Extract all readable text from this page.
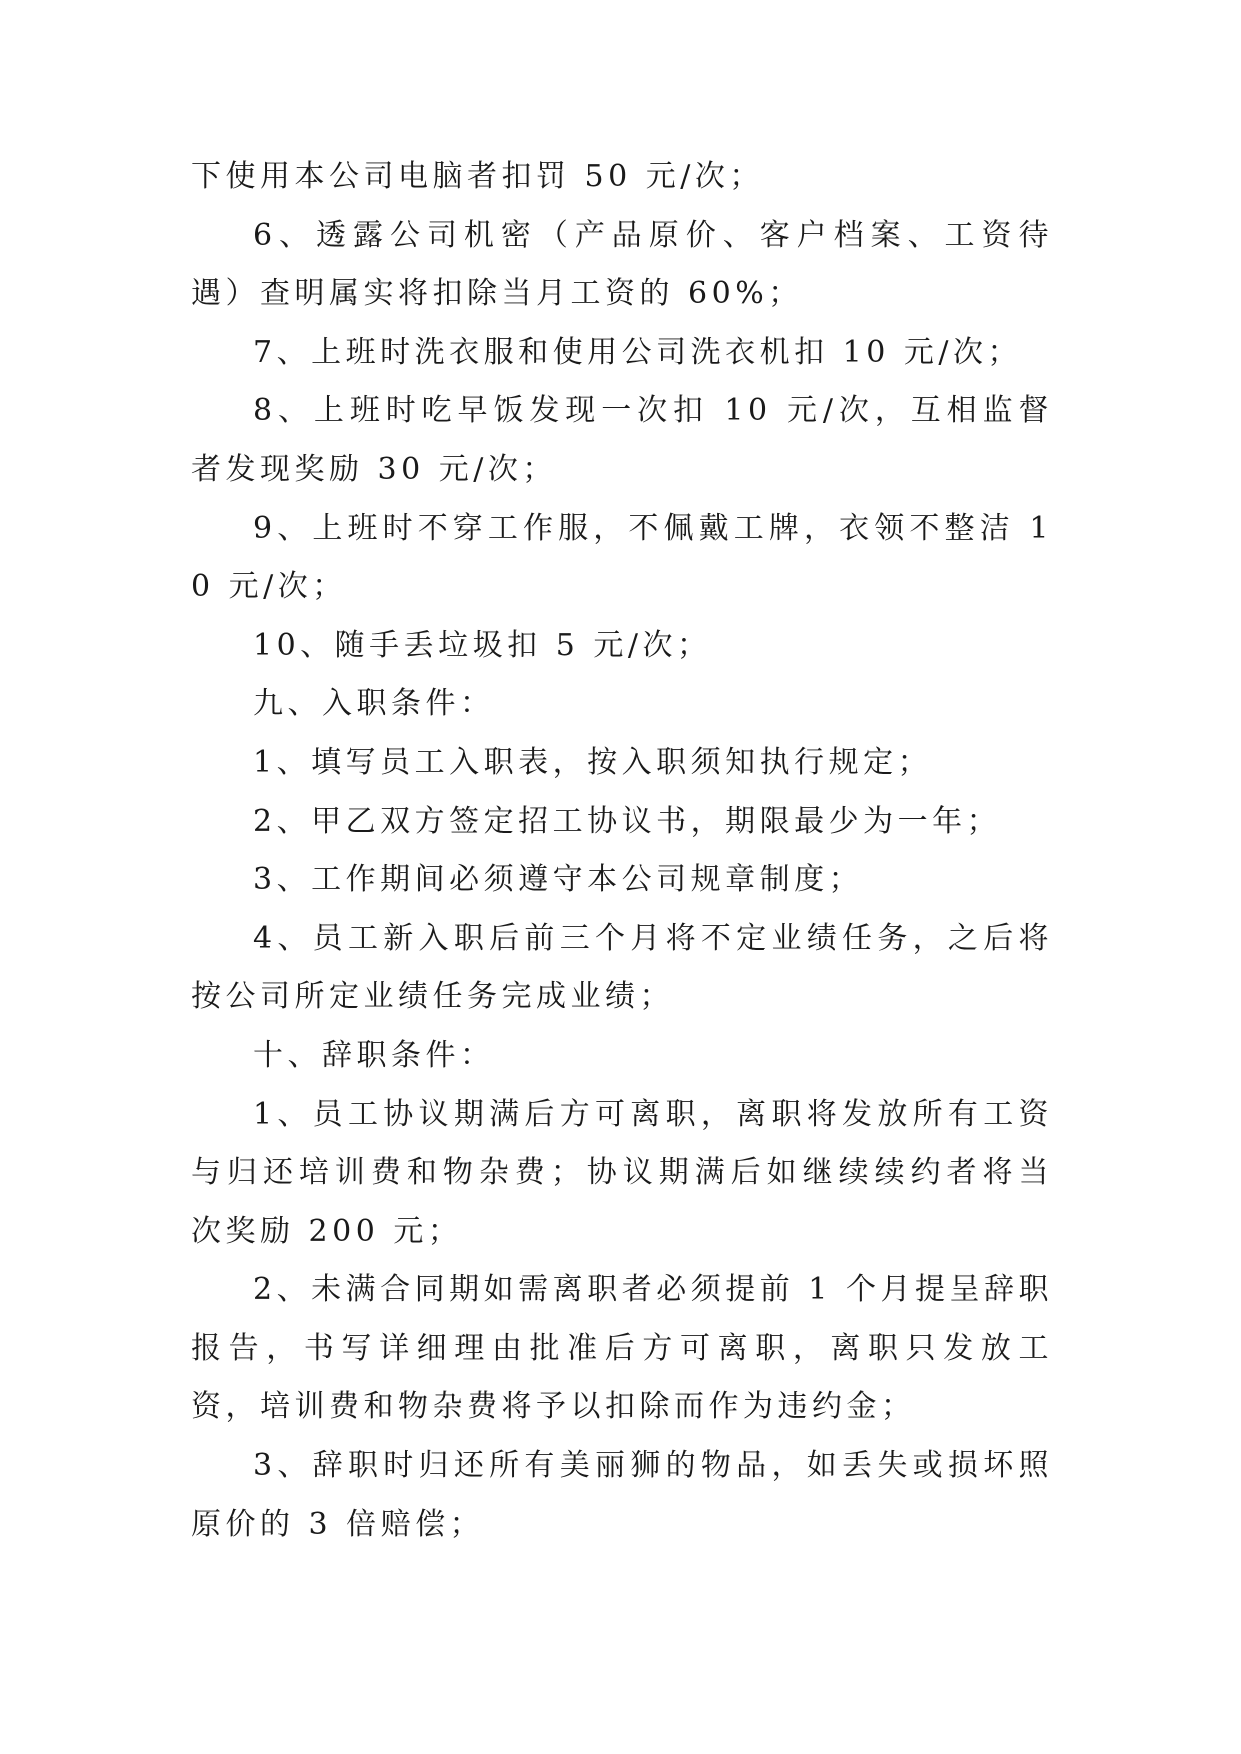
下使用本公司电脑者扣罚 50 元/次；

6、透露公司机密（产品原价、客户档案、工资待遇）查明属实将扣除当月工资的 60%；

7、上班时洗衣服和使用公司洗衣机扣 10 元/次；

8、上班时吃早饭发现一次扣 10 元/次，互相监督者发现奖励 30 元/次；

9、上班时不穿工作服，不佩戴工牌，衣领不整洁 10 元/次；

10、随手丢垃圾扣 5 元/次；

九、入职条件：

1、填写员工入职表，按入职须知执行规定；

2、甲乙双方签定招工协议书，期限最少为一年；

3、工作期间必须遵守本公司规章制度；

4、员工新入职后前三个月将不定业绩任务，之后将按公司所定业绩任务完成业绩；

十、辞职条件：

1、员工协议期满后方可离职，离职将发放所有工资与归还培训费和物杂费；协议期满后如继续续约者将当次奖励 200 元；

2、未满合同期如需离职者必须提前 1 个月提呈辞职报告，书写详细理由批准后方可离职，离职只发放工资，培训费和物杂费将予以扣除而作为违约金；

3、辞职时归还所有美丽狮的物品，如丢失或损坏照原价的 3 倍赔偿；
